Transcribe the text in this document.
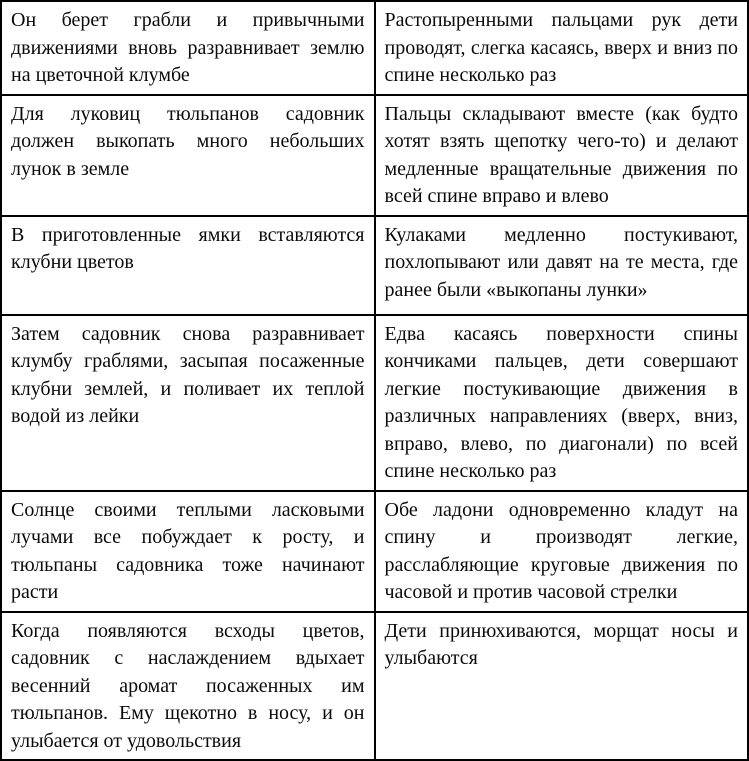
Он берет грабли и привычными движениями вновь разравнивает землю на цветочной клумбе	Растопыренными пальцами рук дети проводят, слегка касаясь, вверх и вниз по спине несколько раз
Для луковиц тюльпанов садовник должен выкопать много небольших лунок в земле	Пальцы складывают вместе (как будто хотят взять щепотку чего-то) и делают медленные вращательные движения по всей спине вправо и влево
В приготовленные ямки вставляются клубни цветов	Кулаками медленно постукивают, похлопывают или давят на те места, где ранее были «выкопаны лунки»
Затем садовник снова разравнивает клумбу граблями, засыпая посаженные клубни землей, и поливает их теплой водой из лейки	Едва касаясь поверхности спины кончиками пальцев, дети совершают легкие постукивающие движения в различных направлениях (вверх, вниз, вправо, влево, по диагонали) по всей спине несколько раз
Солнце своими теплыми ласковыми лучами все побуждает к росту, и тюльпаны садовника тоже начинают расти	Обе ладони одновременно кладут на спину и производят легкие, расслабляющие круговые движения по часовой и против часовой стрелки
Когда появляются всходы цветов, садовник с наслаждением вдыхает весенний аромат посаженных им тюльпанов. Ему щекотно в носу, и он улыбается от удовольствия	Дети принюхиваются, морщат носы и улыбаются
